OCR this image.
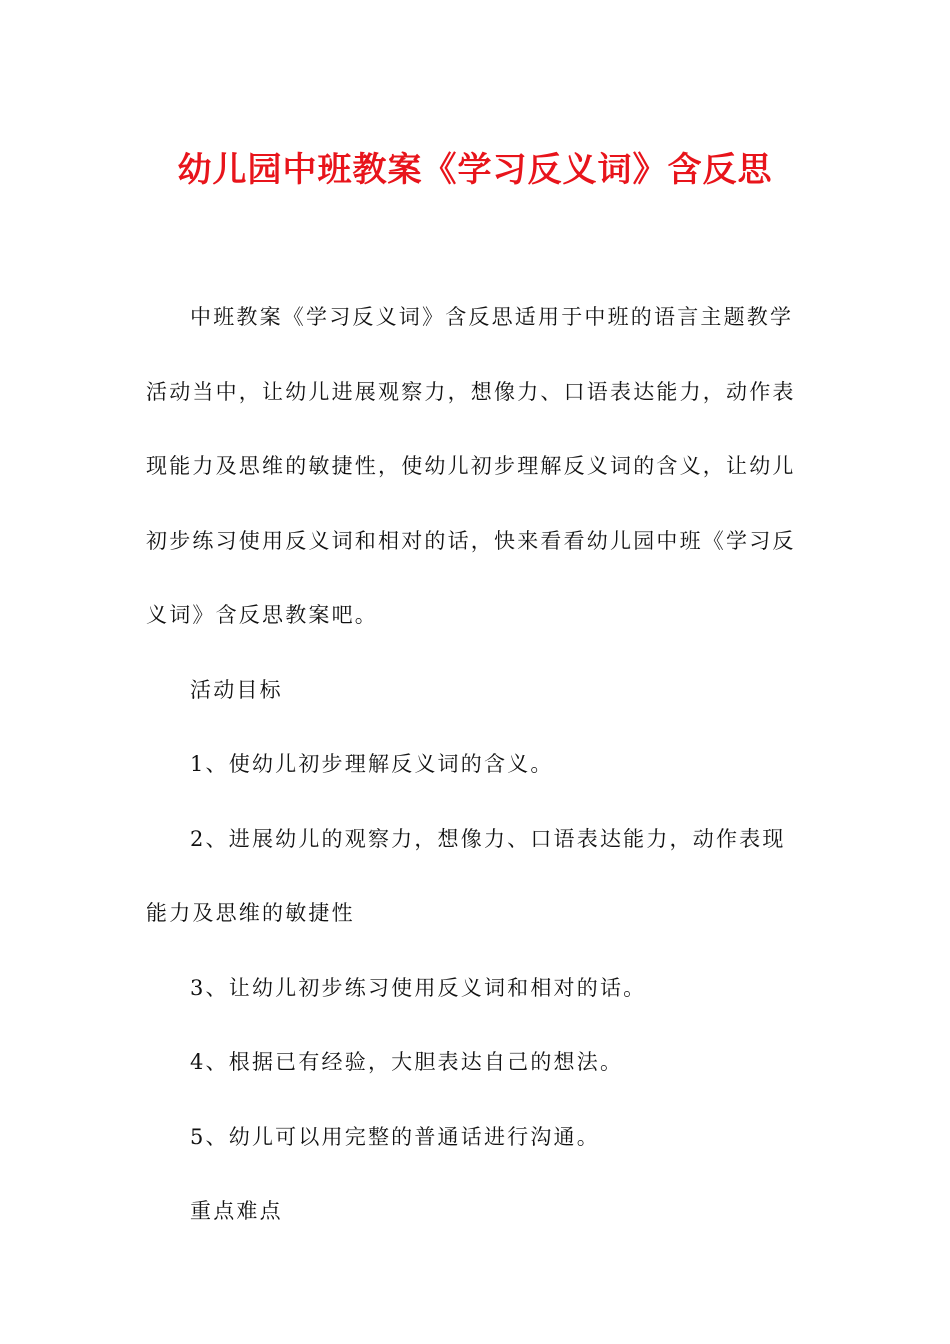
幼儿园中班教案《学习反义词》含反思

中班教案《学习反义词》含反思适用于中班的语言主题教学活动当中，让幼儿进展观察力，想像力、口语表达能力，动作表现能力及思维的敏捷性，使幼儿初步理解反义词的含义，让幼儿初步练习使用反义词和相对的话，快来看看幼儿园中班《学习反义词》含反思教案吧。

活动目标

1、使幼儿初步理解反义词的含义。

2、进展幼儿的观察力，想像力、口语表达能力，动作表现能力及思维的敏捷性

3、让幼儿初步练习使用反义词和相对的话。

4、根据已有经验，大胆表达自己的想法。

5、幼儿可以用完整的普通话进行沟通。

重点难点
